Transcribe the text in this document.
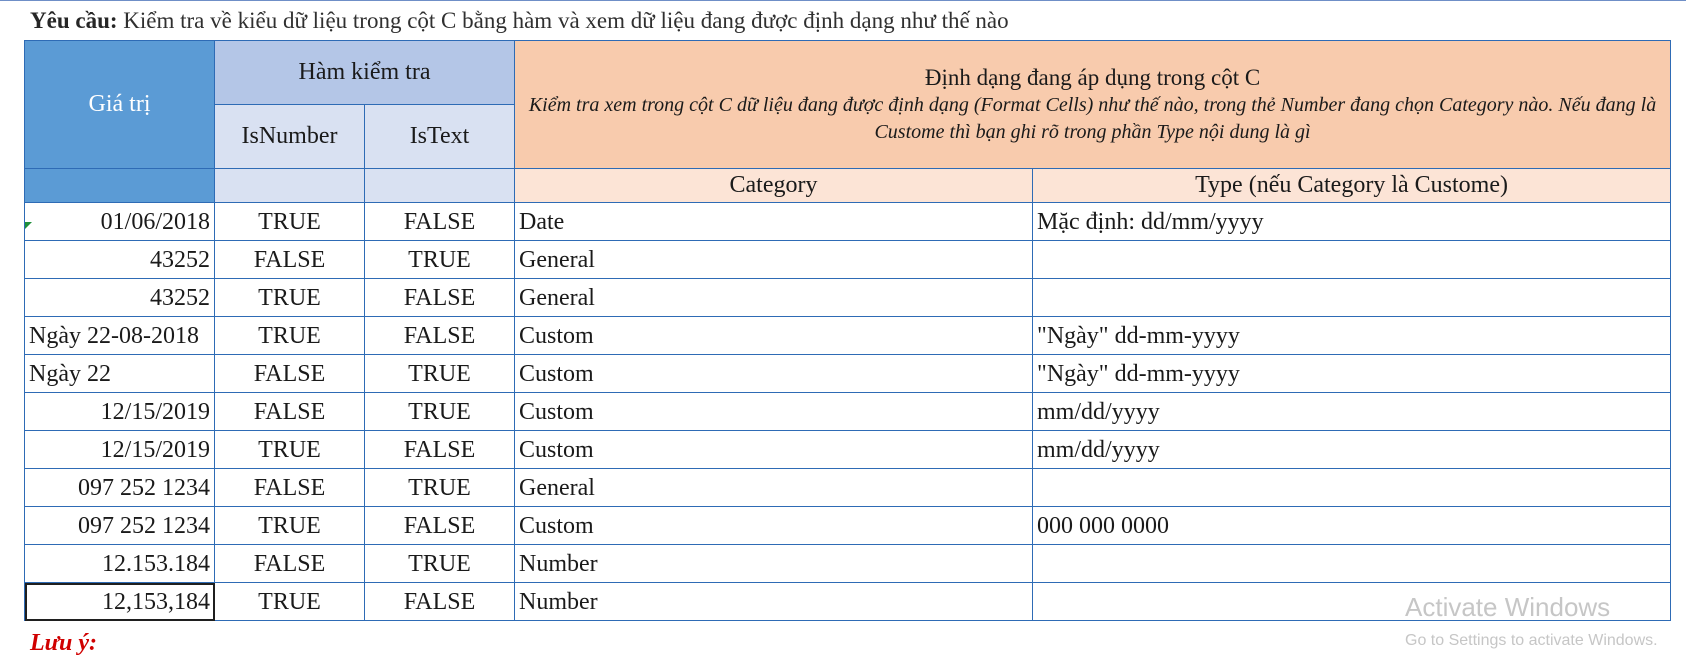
Yêu cầu: Kiểm tra về kiểu dữ liệu trong cột C bằng hàm và xem dữ liệu đang được định dạng như thế nào
Giá trị	Hàm kiểm tra		Định dạng đang áp dụng trong cột C
Kiểm tra xem trong cột C dữ liệu đang được định dạng (Format Cells) như thế nào, trong thẻ Number đang chọn Category nào. Nếu đang là Custome thì bạn ghi rõ trong phần Type nội dung là gì	

	IsNumber	IsText		
			Category	Type (nếu Category là Custome)
01/06/2018	TRUE	FALSE	Date	Mặc định: dd/mm/yyyy
43252	FALSE	TRUE	General	
43252	TRUE	FALSE	General	
Ngày 22-08-2018	TRUE	FALSE	Custom	"Ngày" dd-mm-yyyy
Ngày 22	FALSE	TRUE	Custom	"Ngày" dd-mm-yyyy
12/15/2019	FALSE	TRUE	Custom	mm/dd/yyyy
12/15/2019	TRUE	FALSE	Custom	mm/dd/yyyy
097 252 1234	FALSE	TRUE	General	
097 252 1234	TRUE	FALSE	Custom	000 000 0000
12.153.184	FALSE	TRUE	Number	
12,153,184	TRUE	FALSE	Number	
Lưu ý:
Activate Windows
Go to Settings to activate Windows.
